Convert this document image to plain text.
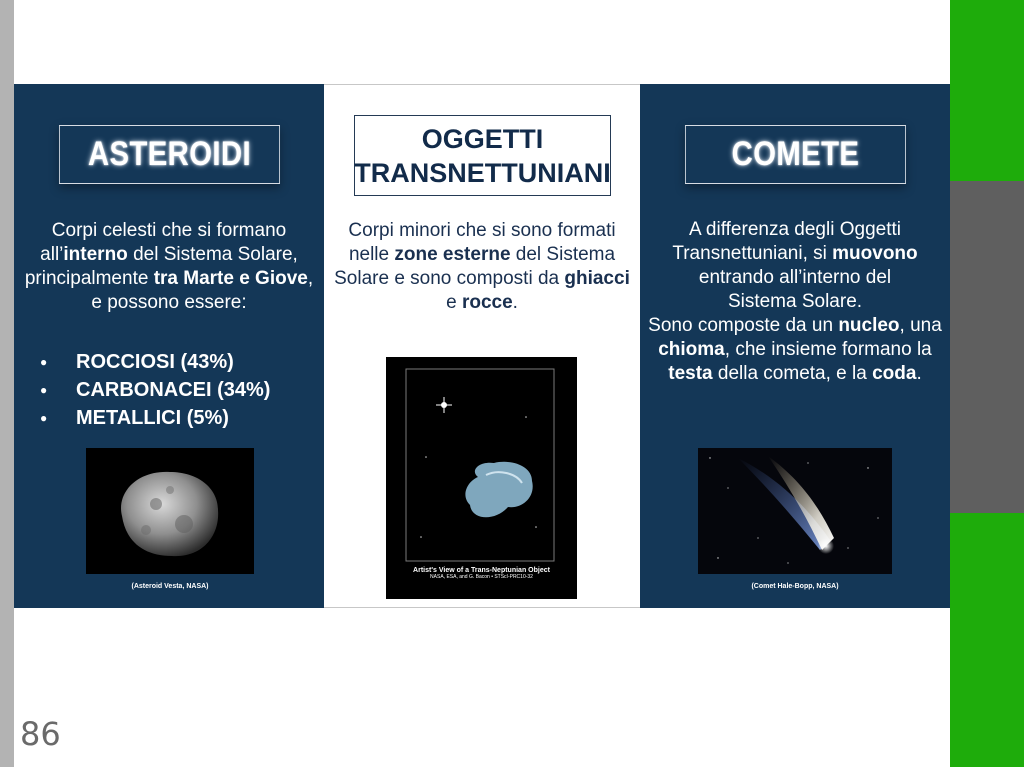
ASTEROIDI
Corpi celesti che si formano
all’interno del Sistema Solare,
principalmente tra Marte e Giove,
e possono essere:
● ROCCIOSI (43%)
● CARBONACEI (34%)
● METALLICI (5%)
(Asteroid Vesta, NASA)
OGGETTI
TRANSNETTUNIANI
Corpi minori che si sono formati
nelle zone esterne del Sistema
Solare e sono composti da ghiacci
e rocce.
Artist's View of a Trans-Neptunian Object
NASA, ESA, and G. Bacon • STScI-PRC10-32
COMETE
A differenza degli Oggetti
Transnettuniani, si muovono
entrando all’interno del
Sistema Solare.
Sono composte da un nucleo, una
chioma, che insieme formano la
testa della cometa, e la coda.
(Comet Hale-Bopp, NASA)
86
